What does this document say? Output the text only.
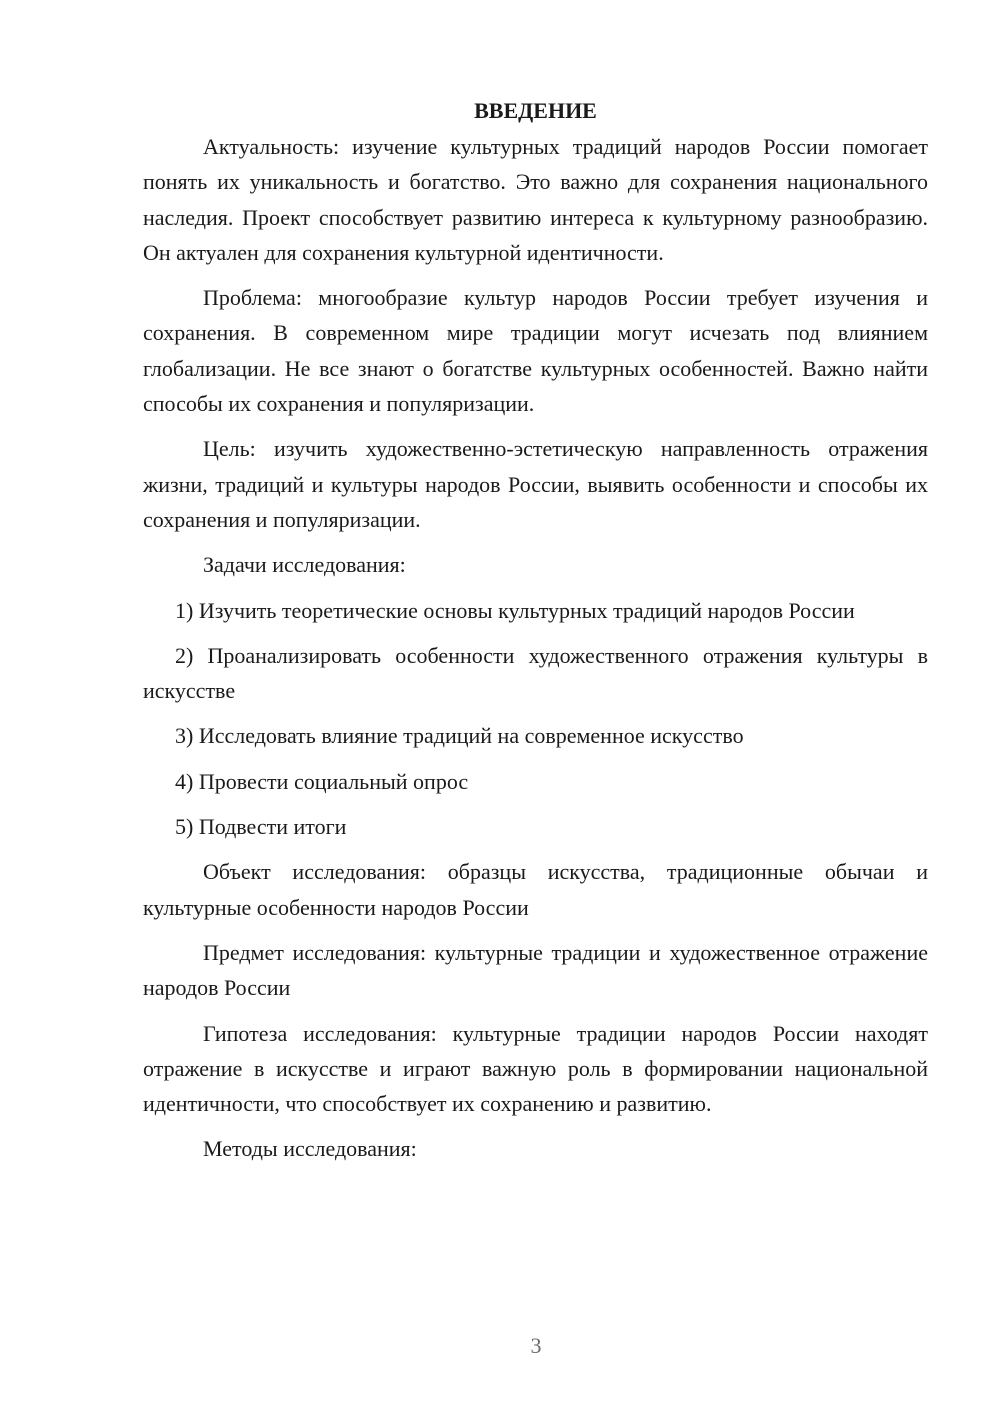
ВВЕДЕНИЕ
Актуальность: изучение культурных традиций народов России помогает понять их уникальность и богатство. Это важно для сохранения национального наследия. Проект способствует развитию интереса к культурному разнообразию. Он актуален для сохранения культурной идентичности.
Проблема: многообразие культур народов России требует изучения и сохранения. В современном мире традиции могут исчезать под влиянием глобализации. Не все знают о богатстве культурных особенностей. Важно найти способы их сохранения и популяризации.
Цель: изучить художественно-эстетическую направленность отражения жизни, традиций и культуры народов России, выявить особенности и способы их сохранения и популяризации.
Задачи исследования:
1) Изучить теоретические основы культурных традиций народов России
2) Проанализировать особенности художественного отражения культуры в искусстве
3) Исследовать влияние традиций на современное искусство
4) Провести социальный опрос
5) Подвести итоги
Объект исследования: образцы искусства, традиционные обычаи и культурные особенности народов России
Предмет исследования: культурные традиции и художественное отражение народов России
Гипотеза исследования: культурные традиции народов России находят отражение в искусстве и играют важную роль в формировании национальной идентичности, что способствует их сохранению и развитию.
Методы исследования:
3
